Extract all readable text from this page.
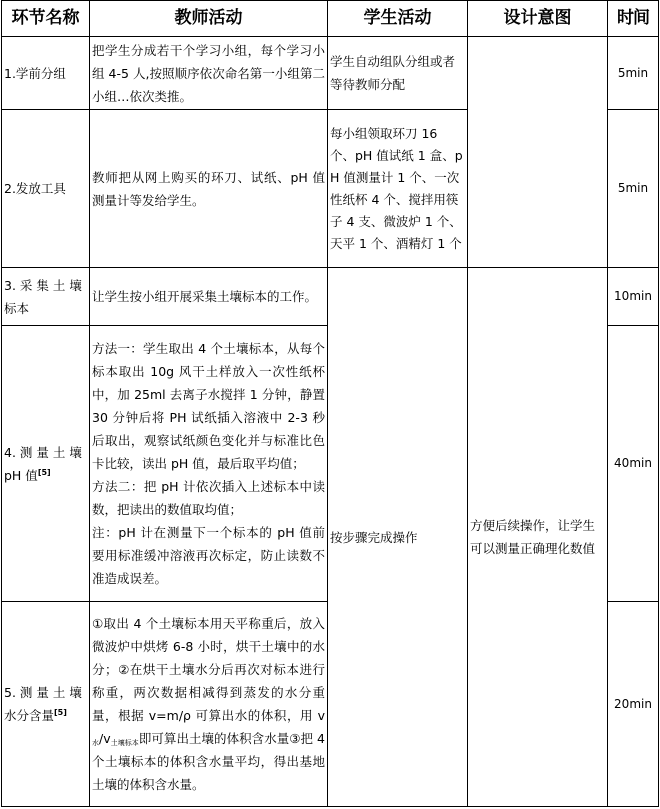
环节名称	教师活动	学生活动	设计意图	时间
1.学前分组	把学生分成若干个学习小组，每个学习小组 4-5 人,按照顺序依次命名第一小组第二小组…依次类推。	学生自动组队分组或者等待教师分配		5min
2.发放工具	教师把从网上购买的环刀、试纸、pH 值测量计等发给学生。	每小组领取环刀 16 个、pH 值试纸 1 盒、pH 值测量计 1 个、一次性纸杯 4 个、搅拌用筷子 4 支、微波炉 1 个、天平 1 个、酒精灯 1 个		5min
3. 采 集 土 壤 标本	让学生按小组开展采集土壤标本的工作。	按步骤完成操作	方便后续操作，让学生可以测量正确理化数值	10min
4. 测 量 土 壤 pH 值[5]	方法一：学生取出 4 个土壤标本，从每个标本取出 10g 风干土样放入一次性纸杯中，加 25ml 去离子水搅拌 1 分钟，静置 30 分钟后将 PH 试纸插入溶液中 2-3 秒后取出，观察试纸颜色变化并与标准比色卡比较，读出 pH 值，最后取平均值；
方法二：把 pH 计依次插入上述标本中读数，把读出的数值取均值；
注：pH 计在测量下一个标本的 pH 值前要用标准缓冲溶液再次标定，防止读数不准造成误差。			40min
5. 测 量 土 壤 水分含量[5]	①取出 4 个土壤标本用天平称重后，放入微波炉中烘烤 6-8 小时，烘干土壤中的水分；②在烘干土壤水分后再次对标本进行称重，两次数据相减得到蒸发的水分重量，根据 v=m/ρ 可算出水的体积，用 $v_水/v_{土壤标本}$即可算出土壤的体积含水量③把 4 个土壤标本的体积含水量平均，得出基地土壤的体积含水量。			20min
